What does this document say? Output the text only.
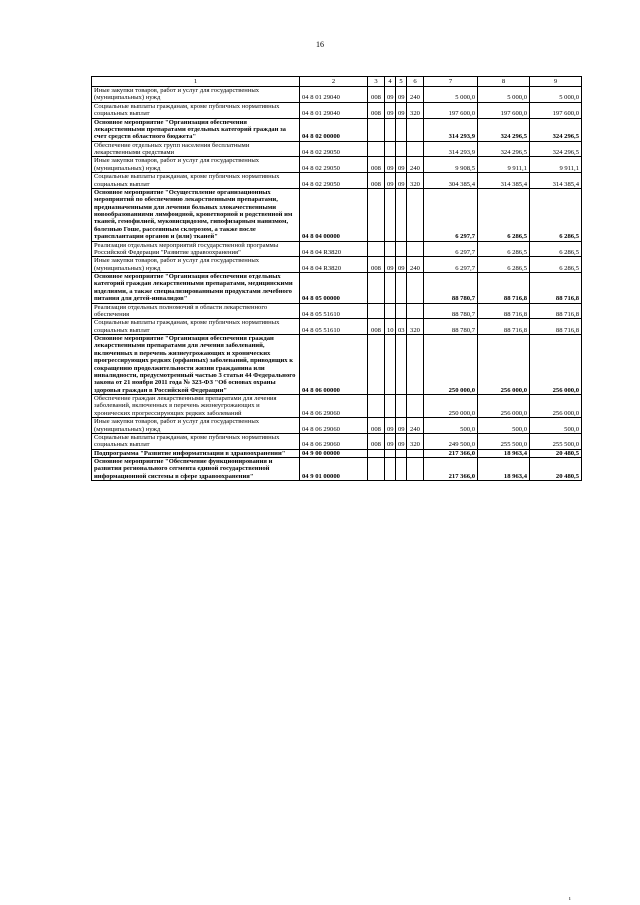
16
1	2	3	4	5	6	7	8	9
Иные закупки товаров, работ и услуг для государственных (муниципальных) нужд	04 8 01 29040	008	09	09	240	5 000,0	5 000,0	5 000,0
Социальные выплаты гражданам, кроме публичных нормативных социальных выплат	04 8 01 29040	008	09	09	320	197 600,0	197 600,0	197 600,0
Основное мероприятие "Организация обеспечения лекарственными препаратами отдельных категорий граждан за счет средств областного бюджета"	04 8 02 00000					314 293,9	324 296,5	324 296,5
Обеспечение отдельных групп населения бесплатными лекарственными средствами	04 8 02 29050					314 293,9	324 296,5	324 296,5
Иные закупки товаров, работ и услуг для государственных (муниципальных) нужд	04 8 02 29050	008	09	09	240	9 908,5	9 911,1	9 911,1
Социальные выплаты гражданам, кроме публичных нормативных социальных выплат	04 8 02 29050	008	09	09	320	304 385,4	314 385,4	314 385,4
Основное мероприятие "Осуществление организационных мероприятий по обеспечению лекарственными препаратами, предназначенными для лечения больных злокачественными новообразованиями лимфоидной, кроветворной и родственной им тканей, гемофилией, муковисцидозом, гипофизарным нанизмом, болезнью Гоше, рассеянным склерозом, а также после трансплантации органов и (или) тканей"	04 8 04 00000					6 297,7	6 286,5	6 286,5
Реализация отдельных мероприятий государственной программы Российской Федерации "Развитие здравоохранения"	04 8 04 R3820					6 297,7	6 286,5	6 286,5
Иные закупки товаров, работ и услуг для государственных (муниципальных) нужд	04 8 04 R3820	008	09	09	240	6 297,7	6 286,5	6 286,5
Основное мероприятие "Организация обеспечения отдельных категорий граждан лекарственными препаратами, медицинскими изделиями, а также специализированными продуктами лечебного питания для детей-инвалидов"	04 8 05 00000					88 780,7	88 716,8	88 716,8
Реализация отдельных полномочий в области лекарственного обеспечения	04 8 05 51610					88 780,7	88 716,8	88 716,8
Социальные выплаты гражданам, кроме публичных нормативных социальных выплат	04 8 05 51610	008	10	03	320	88 780,7	88 716,8	88 716,8
Основное мероприятие "Организация обеспечения граждан лекарственными препаратами для лечения заболеваний, включенных в перечень жизнеугрожающих и хронических прогрессирующих редких (орфанных) заболеваний, приводящих к сокращению продолжительности жизни гражданина или инвалидности, предусмотренный частью 3 статьи 44 Федерального закона от 21 ноября 2011 года № 323-ФЗ "Об основах охраны здоровья граждан в Российской Федерации"	04 8 06 00000					250 000,0	256 000,0	256 000,0
Обеспечение граждан лекарственными препаратами для лечения заболеваний, включенных в перечень жизнеугрожающих и хронических прогрессирующих редких заболеваний	04 8 06 29060					250 000,0	256 000,0	256 000,0
Иные закупки товаров, работ и услуг для государственных (муниципальных) нужд	04 8 06 29060	008	09	09	240	500,0	500,0	500,0
Социальные выплаты гражданам, кроме публичных нормативных социальных выплат	04 8 06 29060	008	09	09	320	249 500,0	255 500,0	255 500,0
Подпрограмма "Развитие информатизации в здравоохранении"	04 9 00 00000					217 366,0	18 963,4	20 480,5
Основное мероприятие "Обеспечение функционирования и развития регионального сегмента единой государственной информационной системы в сфере здравоохранения"	04 9 01 00000					217 366,0	18 963,4	20 480,5
ı
